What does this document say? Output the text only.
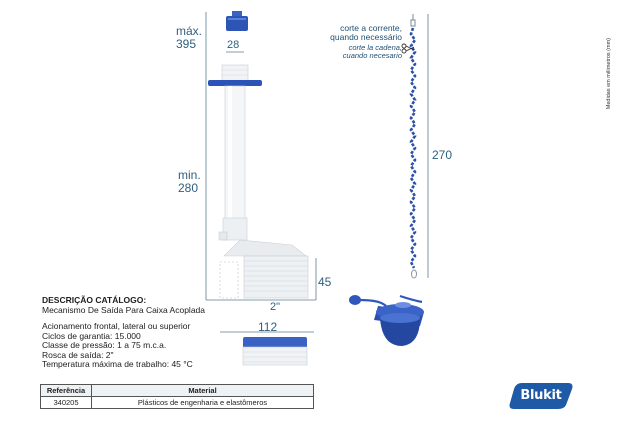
máx.
395
min.
280
28
270
45
2"
112
corte a corrente,
quando necessário
corte la cadena,
cuando necesario	Medidas em milímetros (mm)
DESCRIÇÃO CATÁLOGO:
Mecanismo De Saída Para Caixa Acoplada
Acionamento frontal, lateral ou superior
Ciclos de garantia: 15.000
Classe de pressão: 1 a 75 m.c.a.
Rosca de saída: 2"
Temperatura máxima de trabalho: 45 °C
Referência	Material
340205	Plásticos de engenharia e elastômeros	Blukit
